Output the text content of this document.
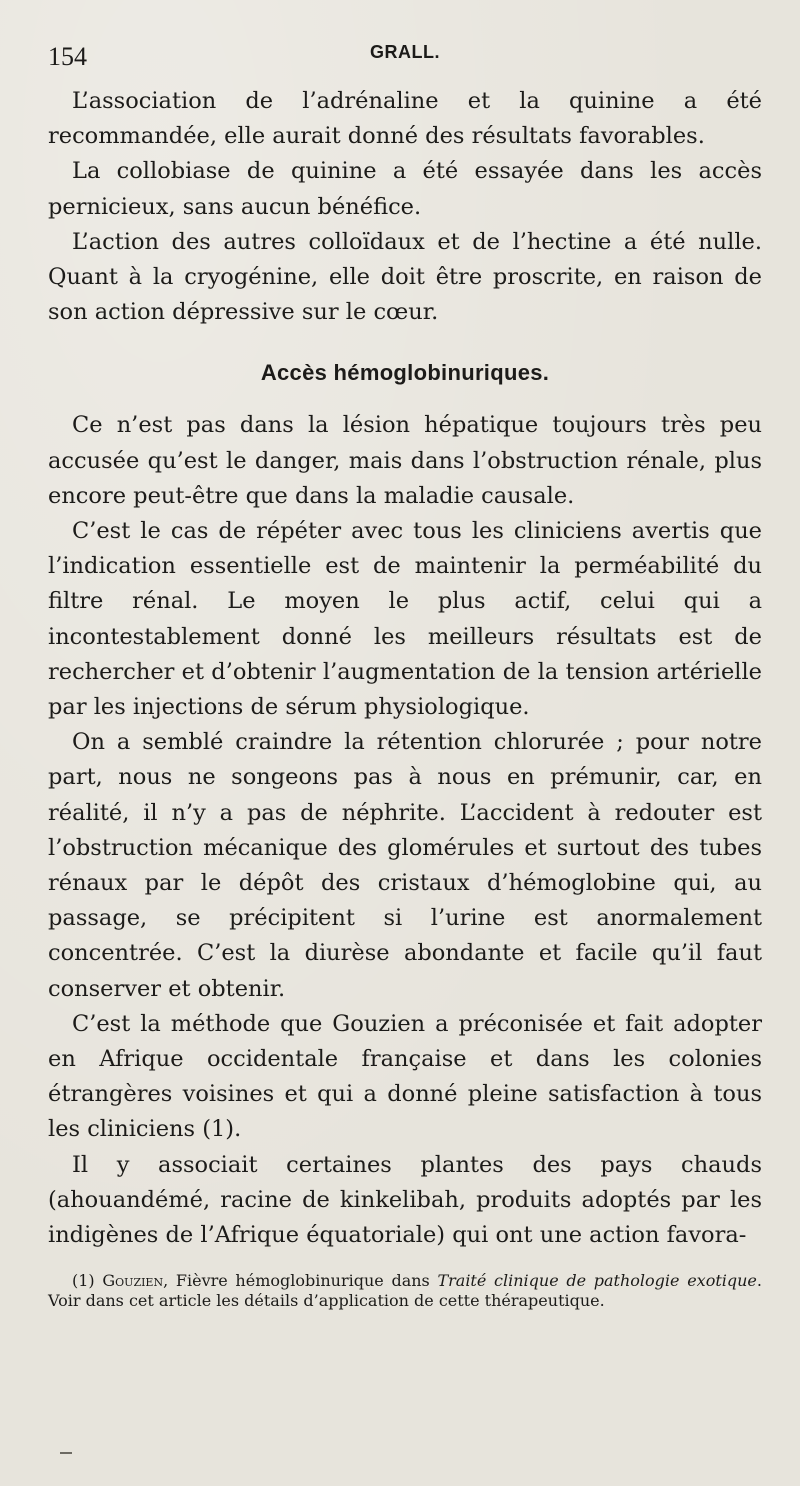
154	GRALL.

L’association de l’adrénaline et la quinine a été recommandée, elle aurait donné des résultats favorables.

La collobiase de quinine a été essayée dans les accès pernicieux, sans aucun bénéfice.

L’action des autres colloïdaux et de l’hectine a été nulle. Quant à la cryogénine, elle doit être proscrite, en raison de son action dépressive sur le cœur.

Accès hémoglobinuriques.

Ce n’est pas dans la lésion hépatique toujours très peu accusée qu’est le danger, mais dans l’obstruction rénale, plus encore peut-être que dans la maladie causale.

C’est le cas de répéter avec tous les cliniciens avertis que l’indication essentielle est de maintenir la perméabilité du filtre rénal. Le moyen le plus actif, celui qui a incontestablement donné les meilleurs résultats est de rechercher et d’obtenir l’augmentation de la tension artérielle par les injections de sérum physiologique.

On a semblé craindre la rétention chlorurée ; pour notre part, nous ne songeons pas à nous en prémunir, car, en réalité, il n’y a pas de néphrite. L’accident à redouter est l’obstruction mécanique des glomérules et surtout des tubes rénaux par le dépôt des cristaux d’hémoglobine qui, au passage, se précipitent si l’urine est anormalement concentrée. C’est la diurèse abondante et facile qu’il faut conserver et obtenir.

C’est la méthode que Gouzien a préconisée et fait adopter en Afrique occidentale française et dans les colonies étrangères voisines et qui a donné pleine satisfaction à tous les cliniciens (1).

Il y associait certaines plantes des pays chauds (ahouandémé, racine de kinkelibah, produits adoptés par les indigènes de l’Afrique équatoriale) qui ont une action favora-

(1) Gouzien, Fièvre hémoglobinurique dans Traité clinique de pathologie exotique. Voir dans cet article les détails d’application de cette thérapeutique.
